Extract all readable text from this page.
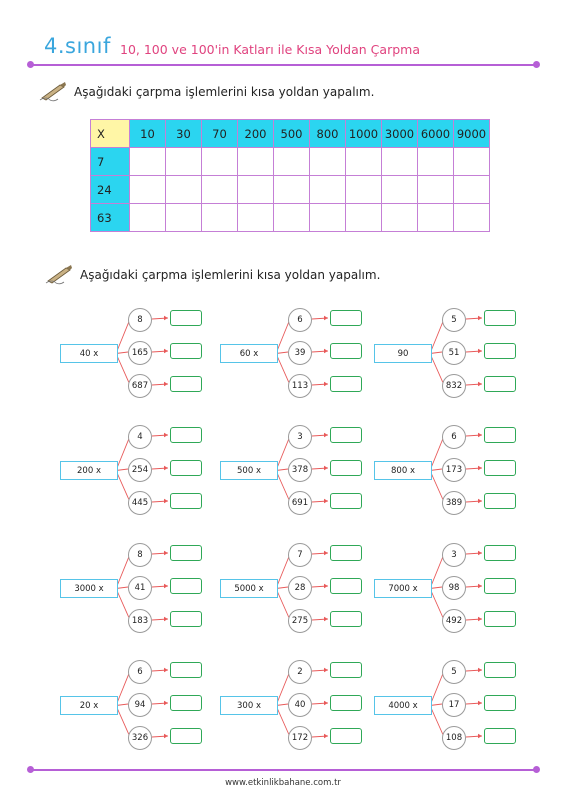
4.sınıf 10, 100 ve 100'in Katları ile Kısa Yoldan Çarpma
Aşağıdaki çarpma işlemlerini kısa yoldan yapalım.
X	10	30	70	200	500	800	1000	3000	6000	9000
7										
24										
63										
Aşağıdaki çarpma işlemlerini kısa yoldan yapalım.
40 x
8
165
687
60 x
6
39
113
90
5
51
832
200 x
4
254
445
500 x
3
378
691
800 x
6
173
389
3000 x
8
41
183
5000 x
7
28
275
7000 x
3
98
492
20 x
6
94
326
300 x
2
40
172
4000 x
5
17
108
www.etkinlikbahane.com.tr
